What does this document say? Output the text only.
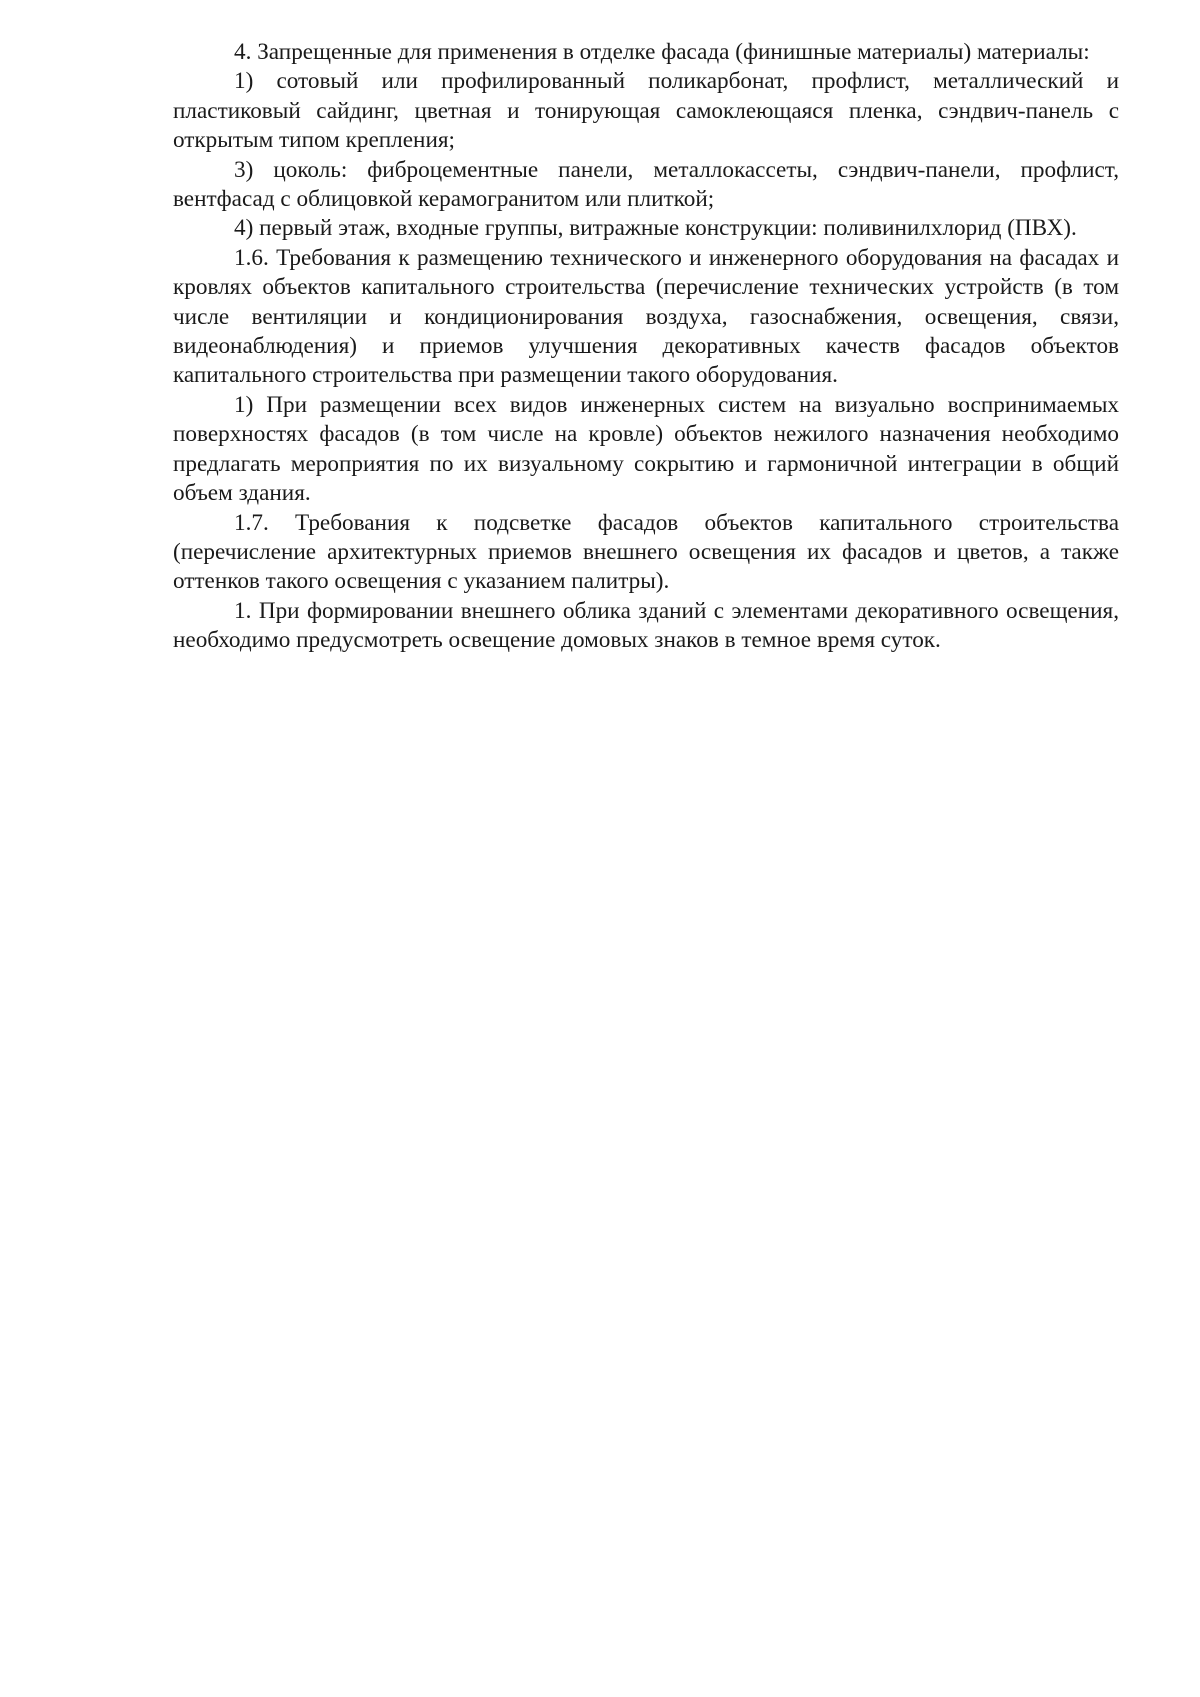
4. Запрещенные для применения в отделке фасада (финишные материалы) материалы:

1) сотовый или профилированный поликарбонат, профлист, металлический и пластиковый сайдинг, цветная и тонирующая самоклеющаяся пленка, сэндвич-панель с открытым типом крепления;

3) цоколь: фиброцементные панели, металлокассеты, сэндвич-панели, профлист, вентфасад с облицовкой керамогранитом или плиткой;

4) первый этаж, входные группы, витражные конструкции: поливинилхлорид (ПВХ).

1.6. Требования к размещению технического и инженерного оборудования на фасадах и кровлях объектов капитального строительства (перечисление технических устройств (в том числе вентиляции и кондиционирования воздуха, газоснабжения, освещения, связи, видеонаблюдения) и приемов улучшения декоративных качеств фасадов объектов капитального строительства при размещении такого оборудования.

1) При размещении всех видов инженерных систем на визуально воспринимаемых поверхностях фасадов (в том числе на кровле) объектов нежилого назначения необходимо предлагать мероприятия по их визуальному сокрытию и гармоничной интеграции в общий объем здания.

1.7. Требования к подсветке фасадов объектов капитального строительства (перечисление архитектурных приемов внешнего освещения их фасадов и цветов, а также оттенков такого освещения с указанием палитры).

1. При формировании внешнего облика зданий с элементами декоративного освещения, необходимо предусмотреть освещение домовых знаков в темное время суток.
